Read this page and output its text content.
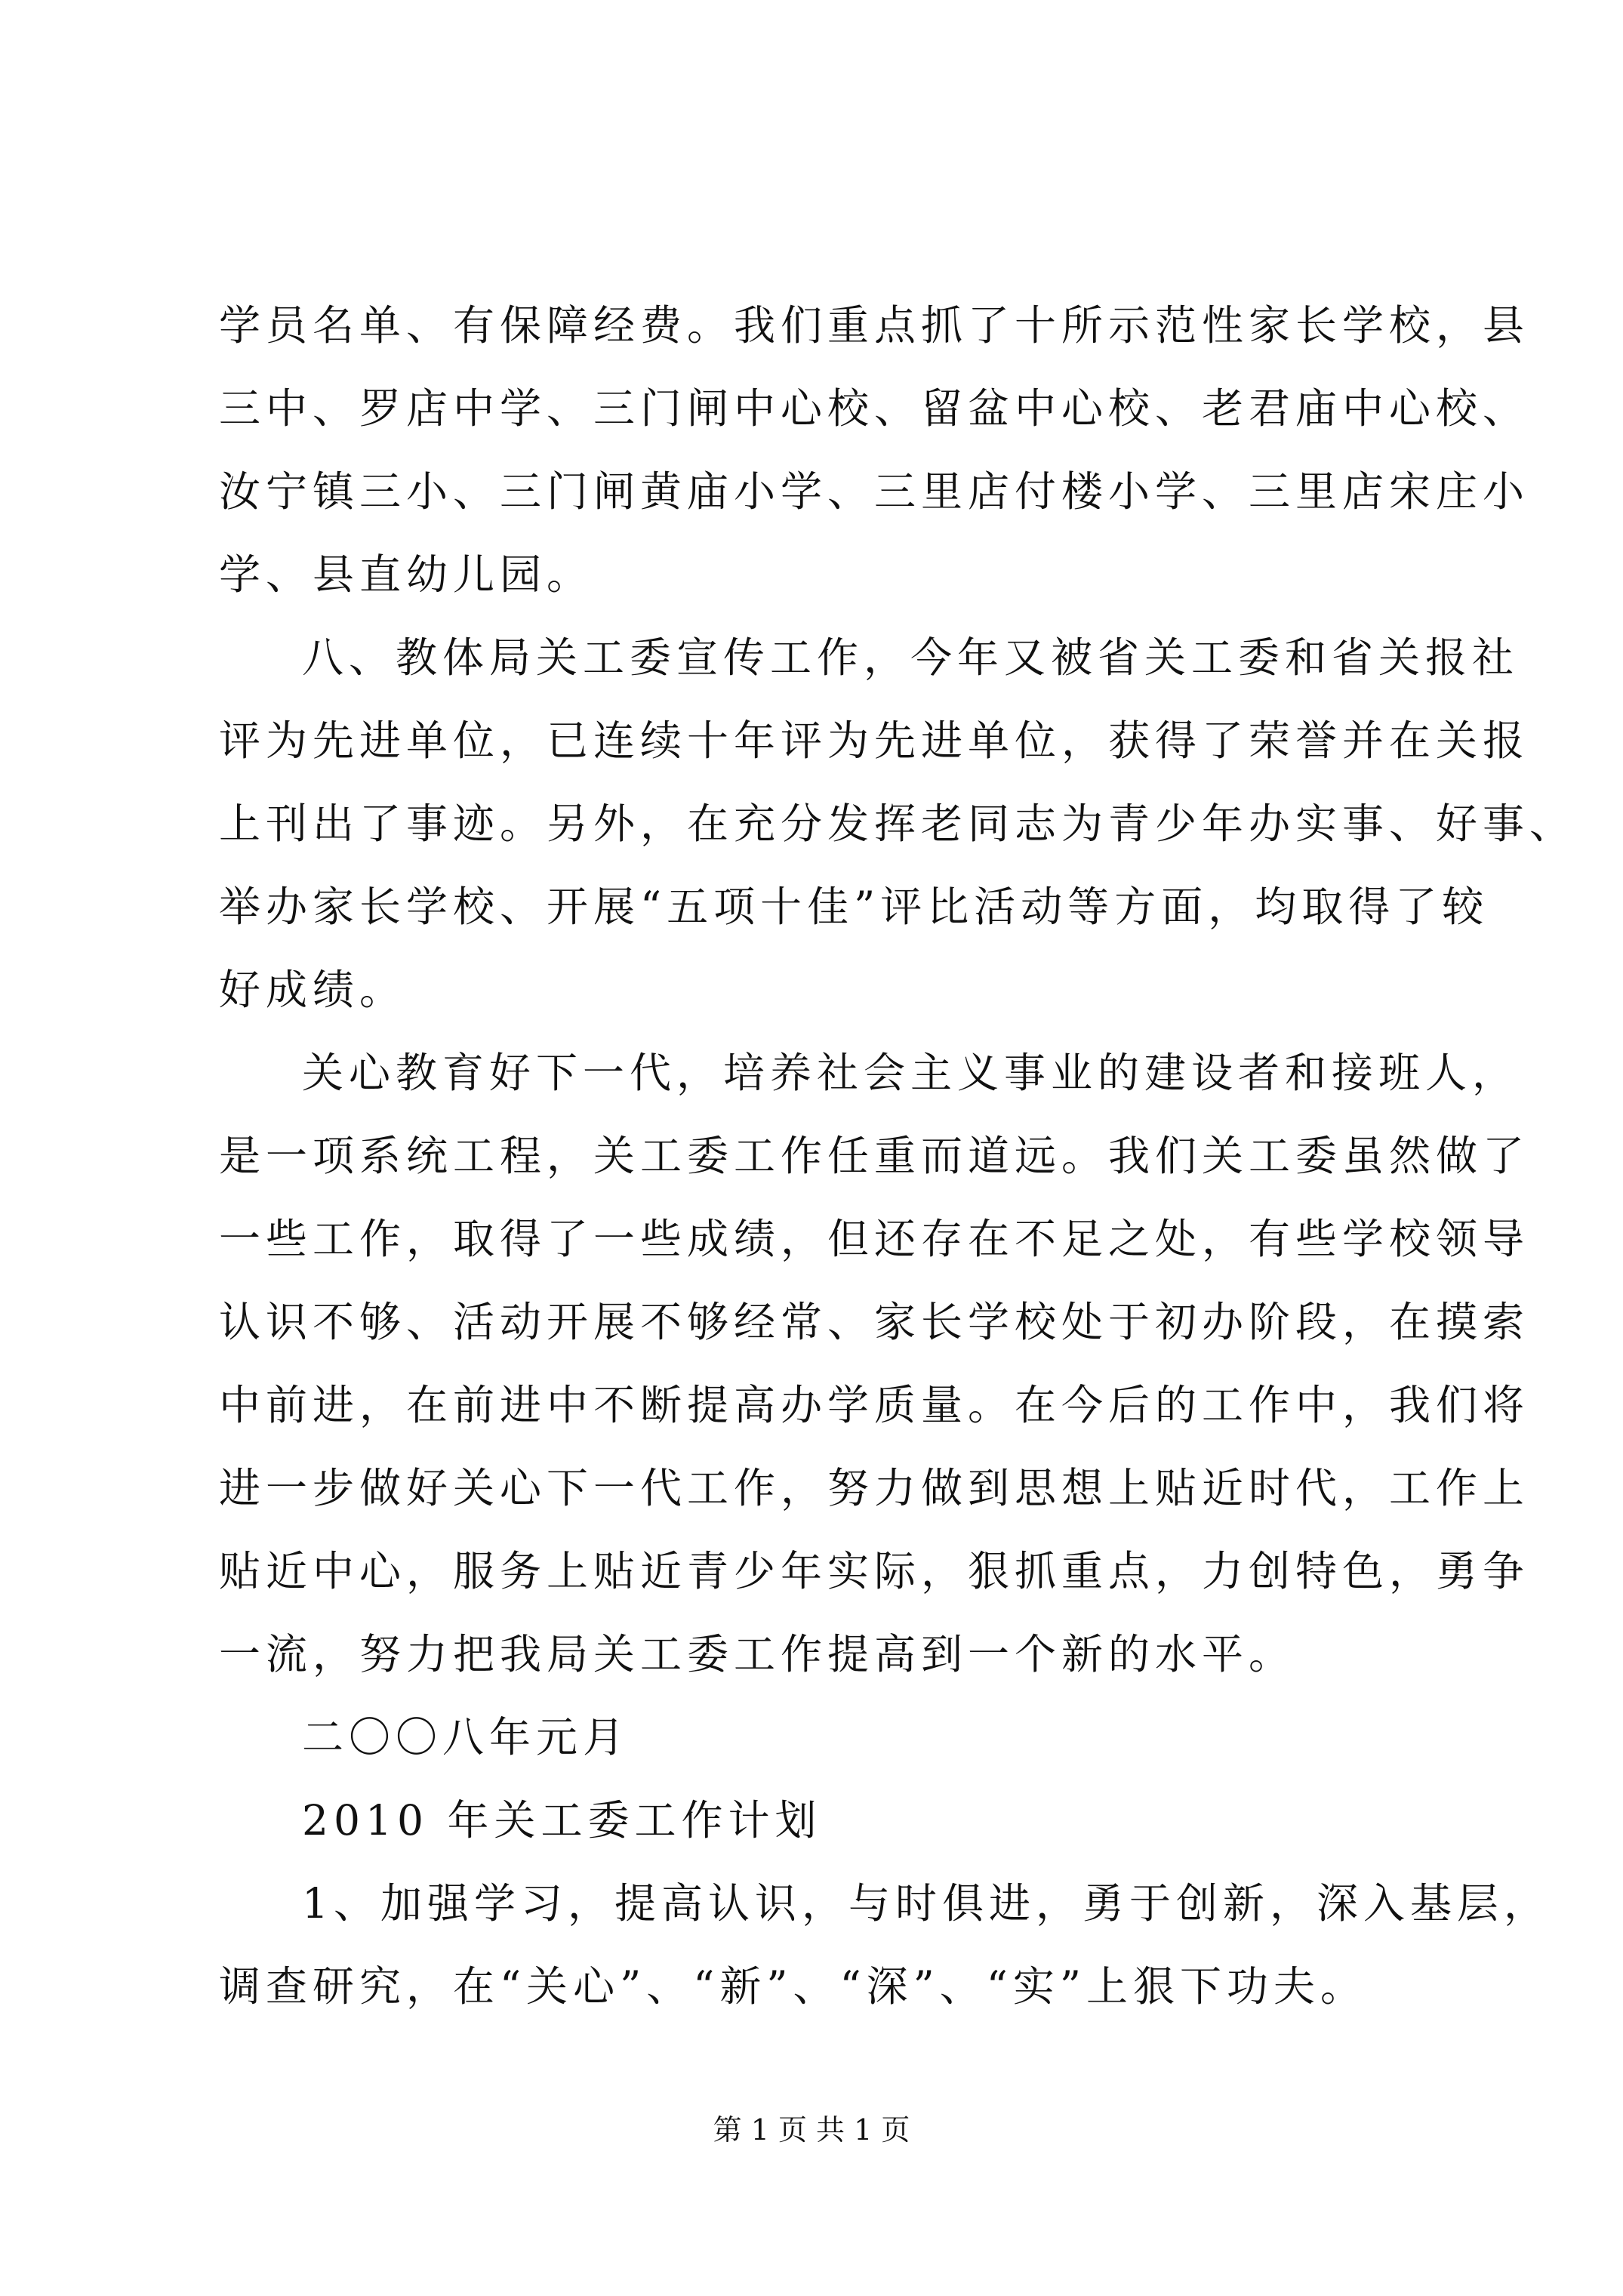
学员名单、有保障经费。我们重点抓了十所示范性家长学校，县
三中、罗店中学、三门闸中心校、留盆中心校、老君庙中心校、
汝宁镇三小、三门闸黄庙小学、三里店付楼小学、三里店宋庄小
学、县直幼儿园。
八、教体局关工委宣传工作，今年又被省关工委和省关报社
评为先进单位，已连续十年评为先进单位，获得了荣誉并在关报
上刊出了事迹。另外，在充分发挥老同志为青少年办实事、好事、
举办家长学校、开展“五项十佳”评比活动等方面，均取得了较
好成绩。
关心教育好下一代，培养社会主义事业的建设者和接班人，
是一项系统工程，关工委工作任重而道远。我们关工委虽然做了
一些工作，取得了一些成绩，但还存在不足之处，有些学校领导
认识不够、活动开展不够经常、家长学校处于初办阶段，在摸索
中前进，在前进中不断提高办学质量。在今后的工作中，我们将
进一步做好关心下一代工作，努力做到思想上贴近时代，工作上
贴近中心，服务上贴近青少年实际，狠抓重点，力创特色，勇争
一流，努力把我局关工委工作提高到一个新的水平。
二〇〇八年元月
2010 年关工委工作计划
1、加强学习，提高认识，与时俱进，勇于创新，深入基层，
调查研究，在“关心”、“新”、“深”、“实”上狠下功夫。
第 1 页 共 1 页
